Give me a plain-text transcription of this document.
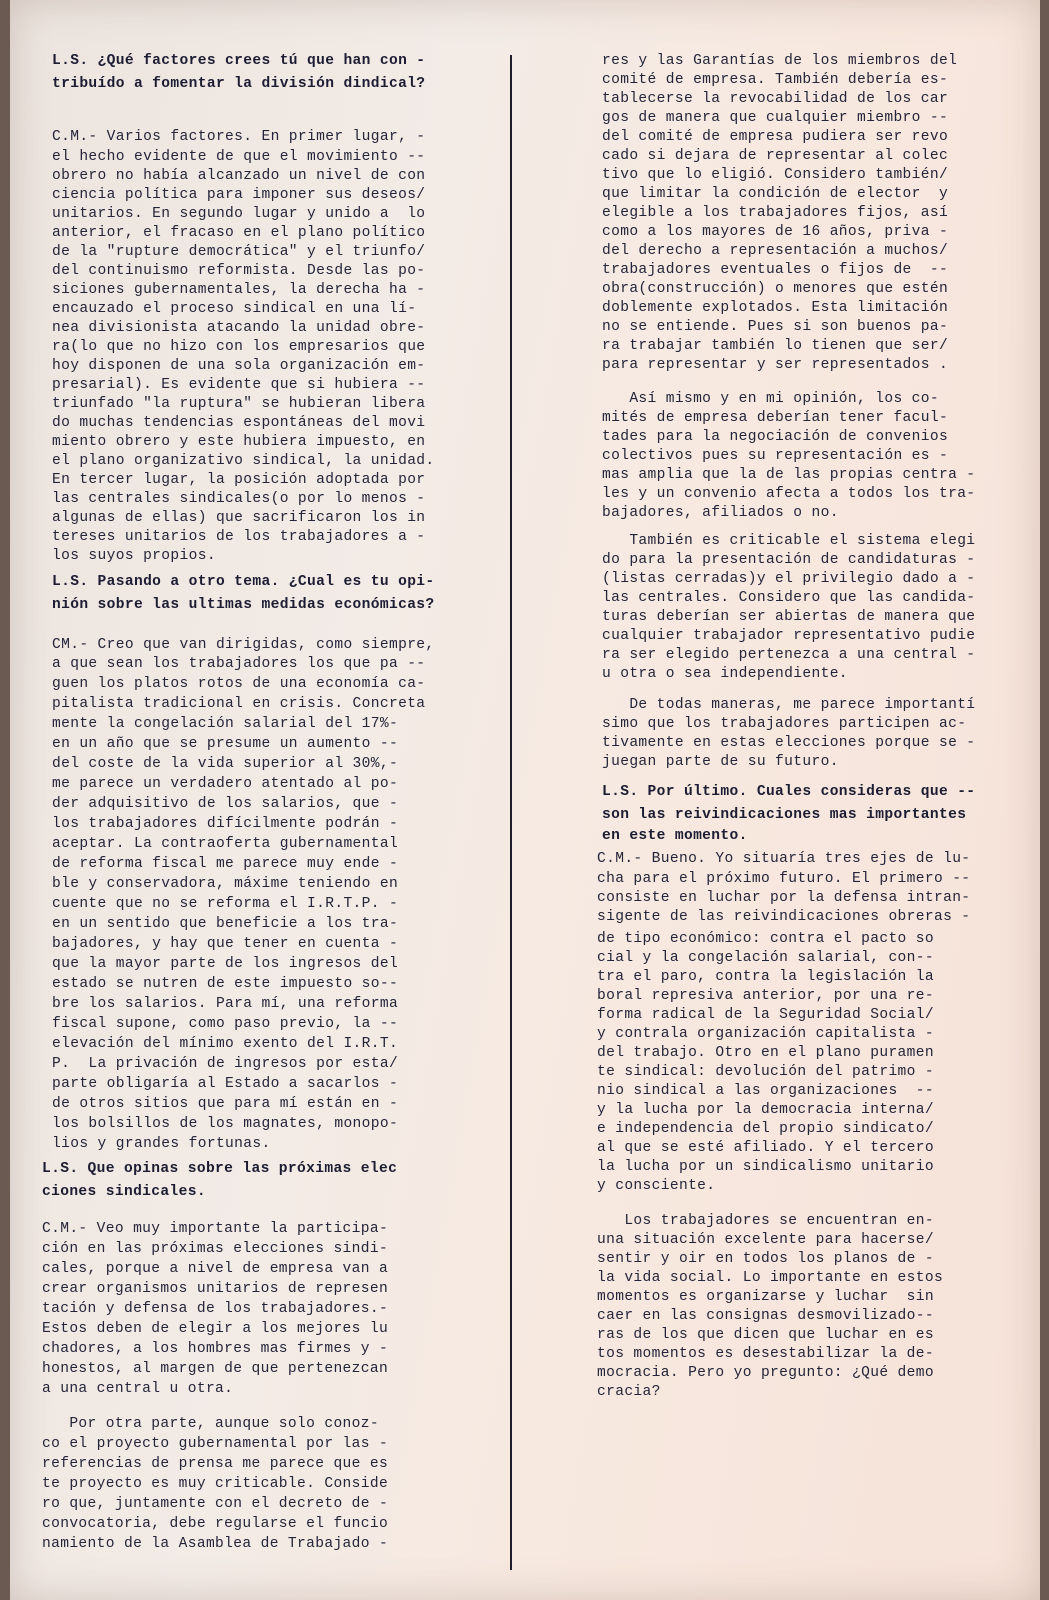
L.S. ¿Qué factores crees tú que han con -
tribuído a fomentar la división dindical?
C.M.- Varios factores. En primer lugar, -
el hecho evidente de que el movimiento --
obrero no había alcanzado un nivel de con
ciencia política para imponer sus deseos/
unitarios. En segundo lugar y unido a  lo
anterior, el fracaso en el plano político
de la "rupture democrática" y el triunfo/
del continuismo reformista. Desde las po-
siciones gubernamentales, la derecha ha -
encauzado el proceso sindical en una lí-
nea divisionista atacando la unidad obre-
ra(lo que no hizo con los empresarios que
hoy disponen de una sola organización em-
presarial). Es evidente que si hubiera --
triunfado "la ruptura" se hubieran libera
do muchas tendencias espontáneas del movi
miento obrero y este hubiera impuesto, en
el plano organizativo sindical, la unidad.
En tercer lugar, la posición adoptada por
las centrales sindicales(o por lo menos -
algunas de ellas) que sacrificaron los in
tereses unitarios de los trabajadores a -
los suyos propios.
L.S. Pasando a otro tema. ¿Cual es tu opi-
nión sobre las ultimas medidas económicas?
CM.- Creo que van dirigidas, como siempre,
a que sean los trabajadores los que pa --
guen los platos rotos de una economía ca-
pitalista tradicional en crisis. Concreta
mente la congelación salarial del 17%-
en un año que se presume un aumento --
del coste de la vida superior al 30%,-
me parece un verdadero atentado al po-
der adquisitivo de los salarios, que -
los trabajadores difícilmente podrán -
aceptar. La contraoferta gubernamental
de reforma fiscal me parece muy ende -
ble y conservadora, máxime teniendo en
cuente que no se reforma el I.R.T.P. -
en un sentido que beneficie a los tra-
bajadores, y hay que tener en cuenta -
que la mayor parte de los ingresos del
estado se nutren de este impuesto so--
bre los salarios. Para mí, una reforma
fiscal supone, como paso previo, la --
elevación del mínimo exento del I.R.T.
P.  La privación de ingresos por esta/
parte obligaría al Estado a sacarlos -
de otros sitios que para mí están en -
los bolsillos de los magnates, monopo-
lios y grandes fortunas.
L.S. Que opinas sobre las próximas elec
ciones sindicales.
C.M.- Veo muy importante la participa-
ción en las próximas elecciones sindi-
cales, porque a nivel de empresa van a
crear organismos unitarios de represen
tación y defensa de los trabajadores.-
Estos deben de elegir a los mejores lu
chadores, a los hombres mas firmes y -
honestos, al margen de que pertenezcan
a una central u otra.
Por otra parte, aunque solo conoz-
co el proyecto gubernamental por las -
referencias de prensa me parece que es
te proyecto es muy criticable. Conside
ro que, juntamente con el decreto de -
convocatoria, debe regularse el funcio
namiento de la Asamblea de Trabajado -
res y las Garantías de los miembros del
comité de empresa. También debería es-
tablecerse la revocabilidad de los car
gos de manera que cualquier miembro --
del comité de empresa pudiera ser revo
cado si dejara de representar al colec
tivo que lo eligió. Considero también/
que limitar la condición de elector  y
elegible a los trabajadores fijos, así
como a los mayores de 16 años, priva -
del derecho a representación a muchos/
trabajadores eventuales o fijos de  --
obra(construcción) o menores que estén
doblemente explotados. Esta limitación
no se entiende. Pues si son buenos pa-
ra trabajar también lo tienen que ser/
para representar y ser representados .
Así mismo y en mi opinión, los co-
mités de empresa deberían tener facul-
tades para la negociación de convenios
colectivos pues su representación es -
mas amplia que la de las propias centra -
les y un convenio afecta a todos los tra-
bajadores, afiliados o no.
También es criticable el sistema elegi
do para la presentación de candidaturas -
(listas cerradas)y el privilegio dado a -
las centrales. Considero que las candida-
turas deberían ser abiertas de manera que
cualquier trabajador representativo pudie
ra ser elegido pertenezca a una central -
u otra o sea independiente.
De todas maneras, me parece importantí
simo que los trabajadores participen ac-
tivamente en estas elecciones porque se -
juegan parte de su futuro.
L.S. Por último. Cuales consideras que --
son las reivindicaciones mas importantes
en este momento.
C.M.- Bueno. Yo situaría tres ejes de lu-
cha para el próximo futuro. El primero --
consiste en luchar por la defensa intran-
sigente de las reivindicaciones obreras -
de tipo económico: contra el pacto so
cial y la congelación salarial, con--
tra el paro, contra la legislación la
boral represiva anterior, por una re-
forma radical de la Seguridad Social/
y contrala organización capitalista -
del trabajo. Otro en el plano puramen
te sindical: devolución del patrimo -
nio sindical a las organizaciones  --
y la lucha por la democracia interna/
e independencia del propio sindicato/
al que se esté afiliado. Y el tercero
la lucha por un sindicalismo unitario
y consciente.
Los trabajadores se encuentran en-
una situación excelente para hacerse/
sentir y oir en todos los planos de -
la vida social. Lo importante en estos
momentos es organizarse y luchar  sin
caer en las consignas desmovilizado--
ras de los que dicen que luchar en es
tos momentos es desestabilizar la de-
mocracia. Pero yo pregunto: ¿Qué demo
cracia?
